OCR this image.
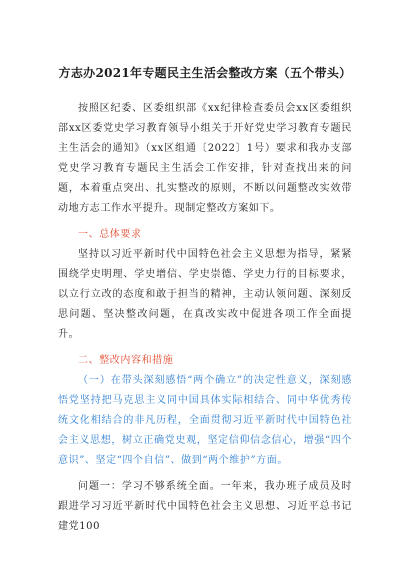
方志办2021年专题民主生活会整改方案（五个带头）

按照区纪委、区委组织部《xx纪律检查委员会xx区委组织部xx区委党史学习教育领导小组关于开好党史学习教育专题民主生活会的通知》（xx区组通〔2022〕1号）要求和我办支部党史学习教育专题民主生活会工作安排，针对查找出来的问题，本着重点突出、扎实整改的原则，不断以问题整改实效带动地方志工作水平提升。现制定整改方案如下。

一、总体要求

坚持以习近平新时代中国特色社会主义思想为指导，紧紧围绕学史明理、学史增信、学史崇德、学史力行的目标要求，以立行立改的态度和敢于担当的精神，主动认领问题、深刻反思问题、坚决整改问题，在真改实改中促进各项工作全面提升。

二、整改内容和措施

（一）在带头深刻感悟“两个确立”的决定性意义，深刻感悟党坚持把马克思主义同中国具体实际相结合、同中华优秀传统文化相结合的非凡历程，全面贯彻习近平新时代中国特色社会主义思想，树立正确党史观，坚定信仰信念信心，增强“四个意识”、坚定“四个自信”、做到“两个维护”方面。

问题一：学习不够系统全面。一年来，我办班子成员及时跟进学习习近平新时代中国特色社会主义思想、习近平总书记建党100
